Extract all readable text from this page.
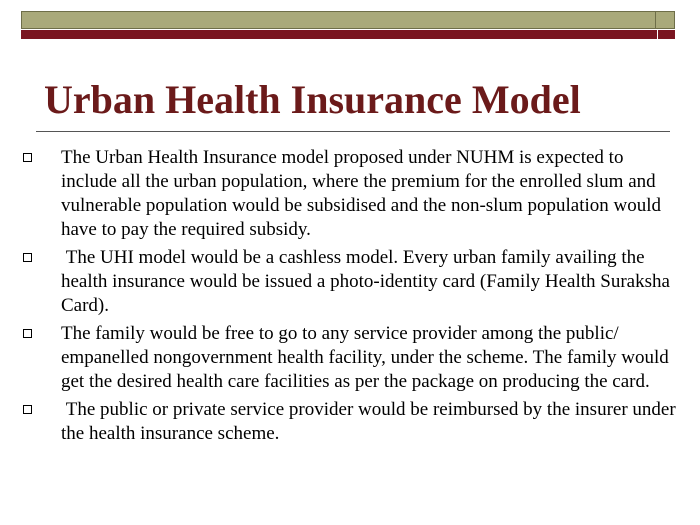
Urban Health Insurance Model
The Urban Health Insurance model proposed under NUHM is expected to include all the urban population, where the premium for the enrolled slum and vulnerable population would be subsidised and the non-slum population would have to pay the required subsidy.
The UHI model would be a cashless model. Every urban family availing the health insurance would be issued a photo-identity card (Family Health Suraksha Card).
The family would be free to go to any service provider among the public/ empanelled nongovernment health facility, under the scheme. The family would get the desired health care facilities as per the package on producing the card.
The public or private service provider would be reimbursed by the insurer under the health insurance scheme.
